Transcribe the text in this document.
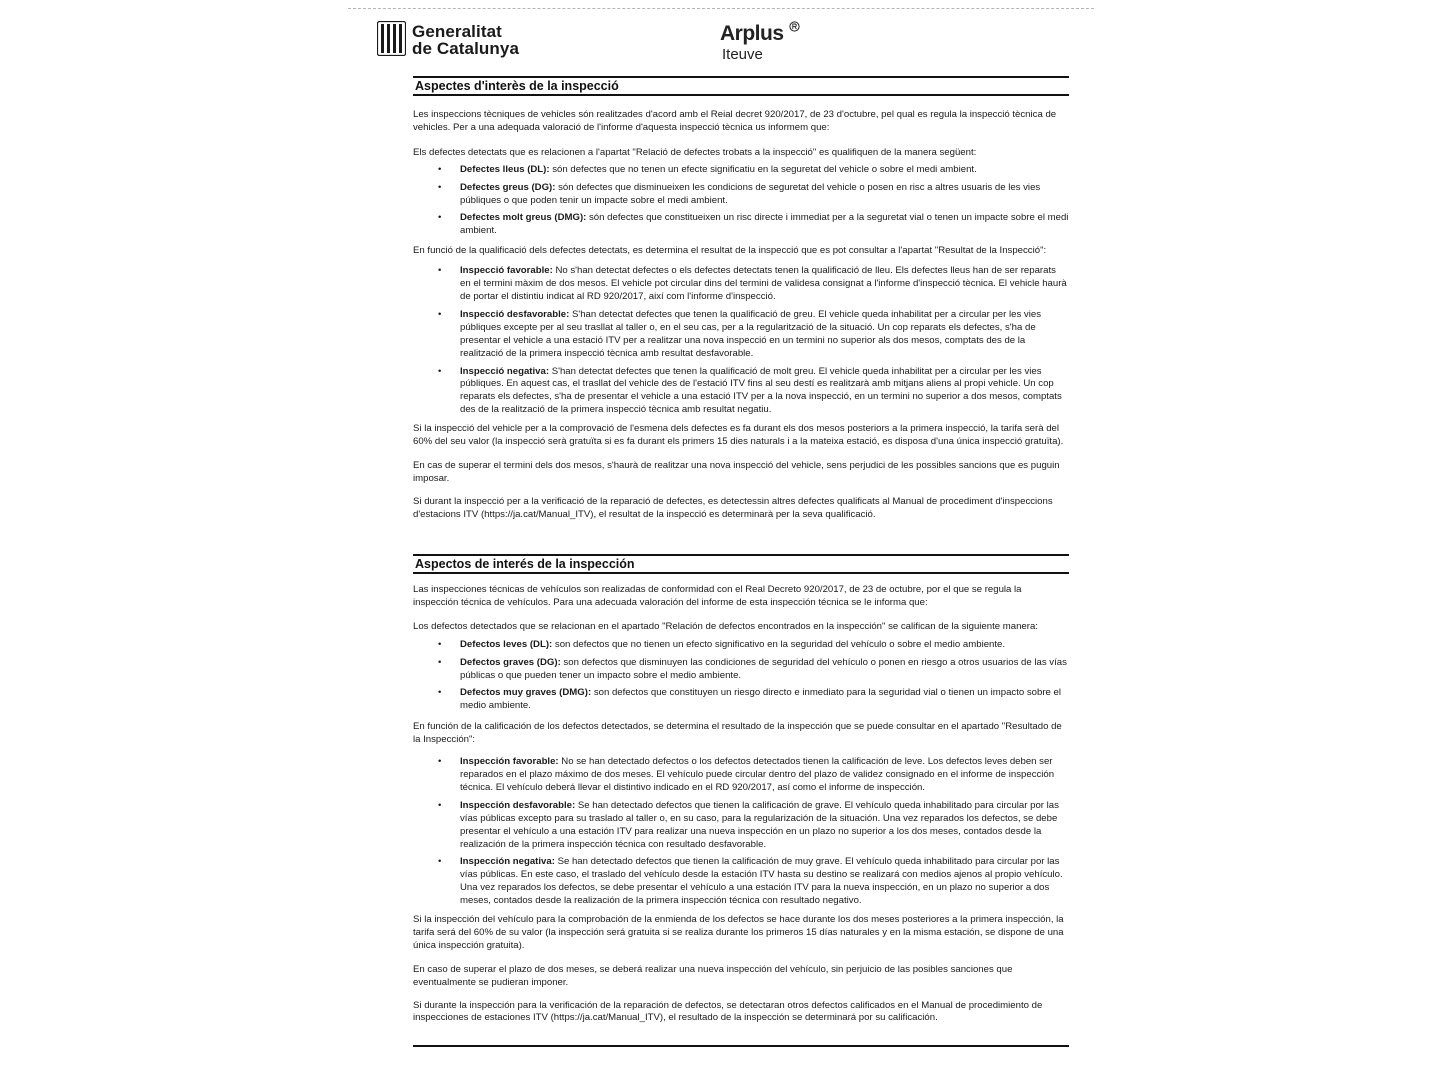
Generalitat
de Catalunya
Arplus
Iteuve
Aspectes d'interès de la inspecció

Les inspeccions tècniques de vehicles són realitzades d'acord amb el Reial decret 920/2017, de 23 d'octubre, pel qual es regula la inspecció tècnica de vehicles. Per a una adequada valoració de l'informe d'aquesta inspecció tècnica us informem que:

Els defectes detectats que es relacionen a l'apartat "Relació de defectes trobats a la inspecció" es qualifiquen de la manera següent:

• Defectes lleus (DL): són defectes que no tenen un efecte significatiu en la seguretat del vehicle o sobre el medi ambient.
• Defectes greus (DG): són defectes que disminueixen les condicions de seguretat del vehicle o posen en risc a altres usuaris de les vies públiques o que poden tenir un impacte sobre el medi ambient.
• Defectes molt greus (DMG): són defectes que constitueixen un risc directe i immediat per a la seguretat vial o tenen un impacte sobre el medi ambient.

En funció de la qualificació dels defectes detectats, es determina el resultat de la inspecció que es pot consultar a l'apartat "Resultat de la Inspecció":

• Inspecció favorable: No s'han detectat defectes o els defectes detectats tenen la qualificació de lleu. Els defectes lleus han de ser reparats en el termini màxim de dos mesos. El vehicle pot circular dins del termini de validesa consignat a l'informe d'inspecció tècnica. El vehicle haurà de portar el distintiu indicat al RD 920/2017, així com l'informe d'inspecció.
• Inspecció desfavorable: S'han detectat defectes que tenen la qualificació de greu. El vehicle queda inhabilitat per a circular per les vies públiques excepte per al seu trasllat al taller o, en el seu cas, per a la regularització de la situació. Un cop reparats els defectes, s'ha de presentar el vehicle a una estació ITV per a realitzar una nova inspecció en un termini no superior als dos mesos, comptats des de la realització de la primera inspecció tècnica amb resultat desfavorable.
• Inspecció negativa: S'han detectat defectes que tenen la qualificació de molt greu. El vehicle queda inhabilitat per a circular per les vies públiques. En aquest cas, el trasllat del vehicle des de l'estació ITV fins al seu destí es realitzarà amb mitjans aliens al propi vehicle. Un cop reparats els defectes, s'ha de presentar el vehicle a una estació ITV per a la nova inspecció, en un termini no superior a dos mesos, comptats des de la realització de la primera inspecció tècnica amb resultat negatiu.

Si la inspecció del vehicle per a la comprovació de l'esmena dels defectes es fa durant els dos mesos posteriors a la primera inspecció, la tarifa serà del 60% del seu valor (la inspecció serà gratuïta si es fa durant els primers 15 dies naturals i a la mateixa estació, es disposa d'una única inspecció gratuïta).

En cas de superar el termini dels dos mesos, s'haurà de realitzar una nova inspecció del vehicle, sens perjudici de les possibles sancions que es puguin imposar.

Si durant la inspecció per a la verificació de la reparació de defectes, es detectessin altres defectes qualificats al Manual de procediment d'inspeccions d'estacions ITV (https://ja.cat/Manual_ITV), el resultat de la inspecció es determinarà per la seva qualificació.

Aspectos de interés de la inspección

Las inspecciones técnicas de vehículos son realizadas de conformidad con el Real Decreto 920/2017, de 23 de octubre, por el que se regula la inspección técnica de vehículos. Para una adecuada valoración del informe de esta inspección técnica se le informa que:

Los defectos detectados que se relacionan en el apartado "Relación de defectos encontrados en la inspección" se califican de la siguiente manera:

• Defectos leves (DL): son defectos que no tienen un efecto significativo en la seguridad del vehículo o sobre el medio ambiente.
• Defectos graves (DG): son defectos que disminuyen las condiciones de seguridad del vehículo o ponen en riesgo a otros usuarios de las vías públicas o que pueden tener un impacto sobre el medio ambiente.
• Defectos muy graves (DMG): son defectos que constituyen un riesgo directo e inmediato para la seguridad vial o tienen un impacto sobre el medio ambiente.

En función de la calificación de los defectos detectados, se determina el resultado de la inspección que se puede consultar en el apartado "Resultado de la Inspección":

• Inspección favorable: No se han detectado defectos o los defectos detectados tienen la calificación de leve. Los defectos leves deben ser reparados en el plazo máximo de dos meses. El vehículo puede circular dentro del plazo de validez consignado en el informe de inspección técnica. El vehículo deberá llevar el distintivo indicado en el RD 920/2017, así como el informe de inspección.
• Inspección desfavorable: Se han detectado defectos que tienen la calificación de grave. El vehículo queda inhabilitado para circular por las vías públicas excepto para su traslado al taller o, en su caso, para la regularización de la situación. Una vez reparados los defectos, se debe presentar el vehículo a una estación ITV para realizar una nueva inspección en un plazo no superior a los dos meses, contados desde la realización de la primera inspección técnica con resultado desfavorable.
• Inspección negativa: Se han detectado defectos que tienen la calificación de muy grave. El vehículo queda inhabilitado para circular por las vías públicas. En este caso, el traslado del vehículo desde la estación ITV hasta su destino se realizará con medios ajenos al propio vehículo. Una vez reparados los defectos, se debe presentar el vehículo a una estación ITV para la nueva inspección, en un plazo no superior a dos meses, contados desde la realización de la primera inspección técnica con resultado negativo.

Si la inspección del vehículo para la comprobación de la enmienda de los defectos se hace durante los dos meses posteriores a la primera inspección, la tarifa será del 60% de su valor (la inspección será gratuita si se realiza durante los primeros 15 días naturales y en la misma estación, se dispone de una única inspección gratuita).

En caso de superar el plazo de dos meses, se deberá realizar una nueva inspección del vehículo, sin perjuicio de las posibles sanciones que eventualmente se pudieran imponer.

Si durante la inspección para la verificación de la reparación de defectos, se detectaran otros defectos calificados en el Manual de procedimiento de inspecciones de estaciones ITV (https://ja.cat/Manual_ITV), el resultado de la inspección se determinará por su calificación.
